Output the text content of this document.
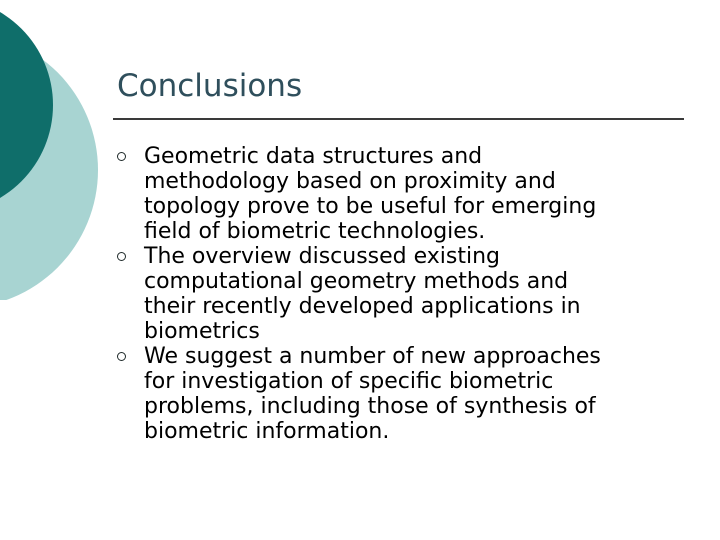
Conclusions
Geometric data structures and
methodology based on proximity and
topology prove to be useful for emerging
field of biometric technologies.
The overview discussed existing
computational geometry methods and
their recently developed applications in
biometrics
We suggest a number of new approaches
for investigation of specific biometric
problems, including those of synthesis of
biometric information.
